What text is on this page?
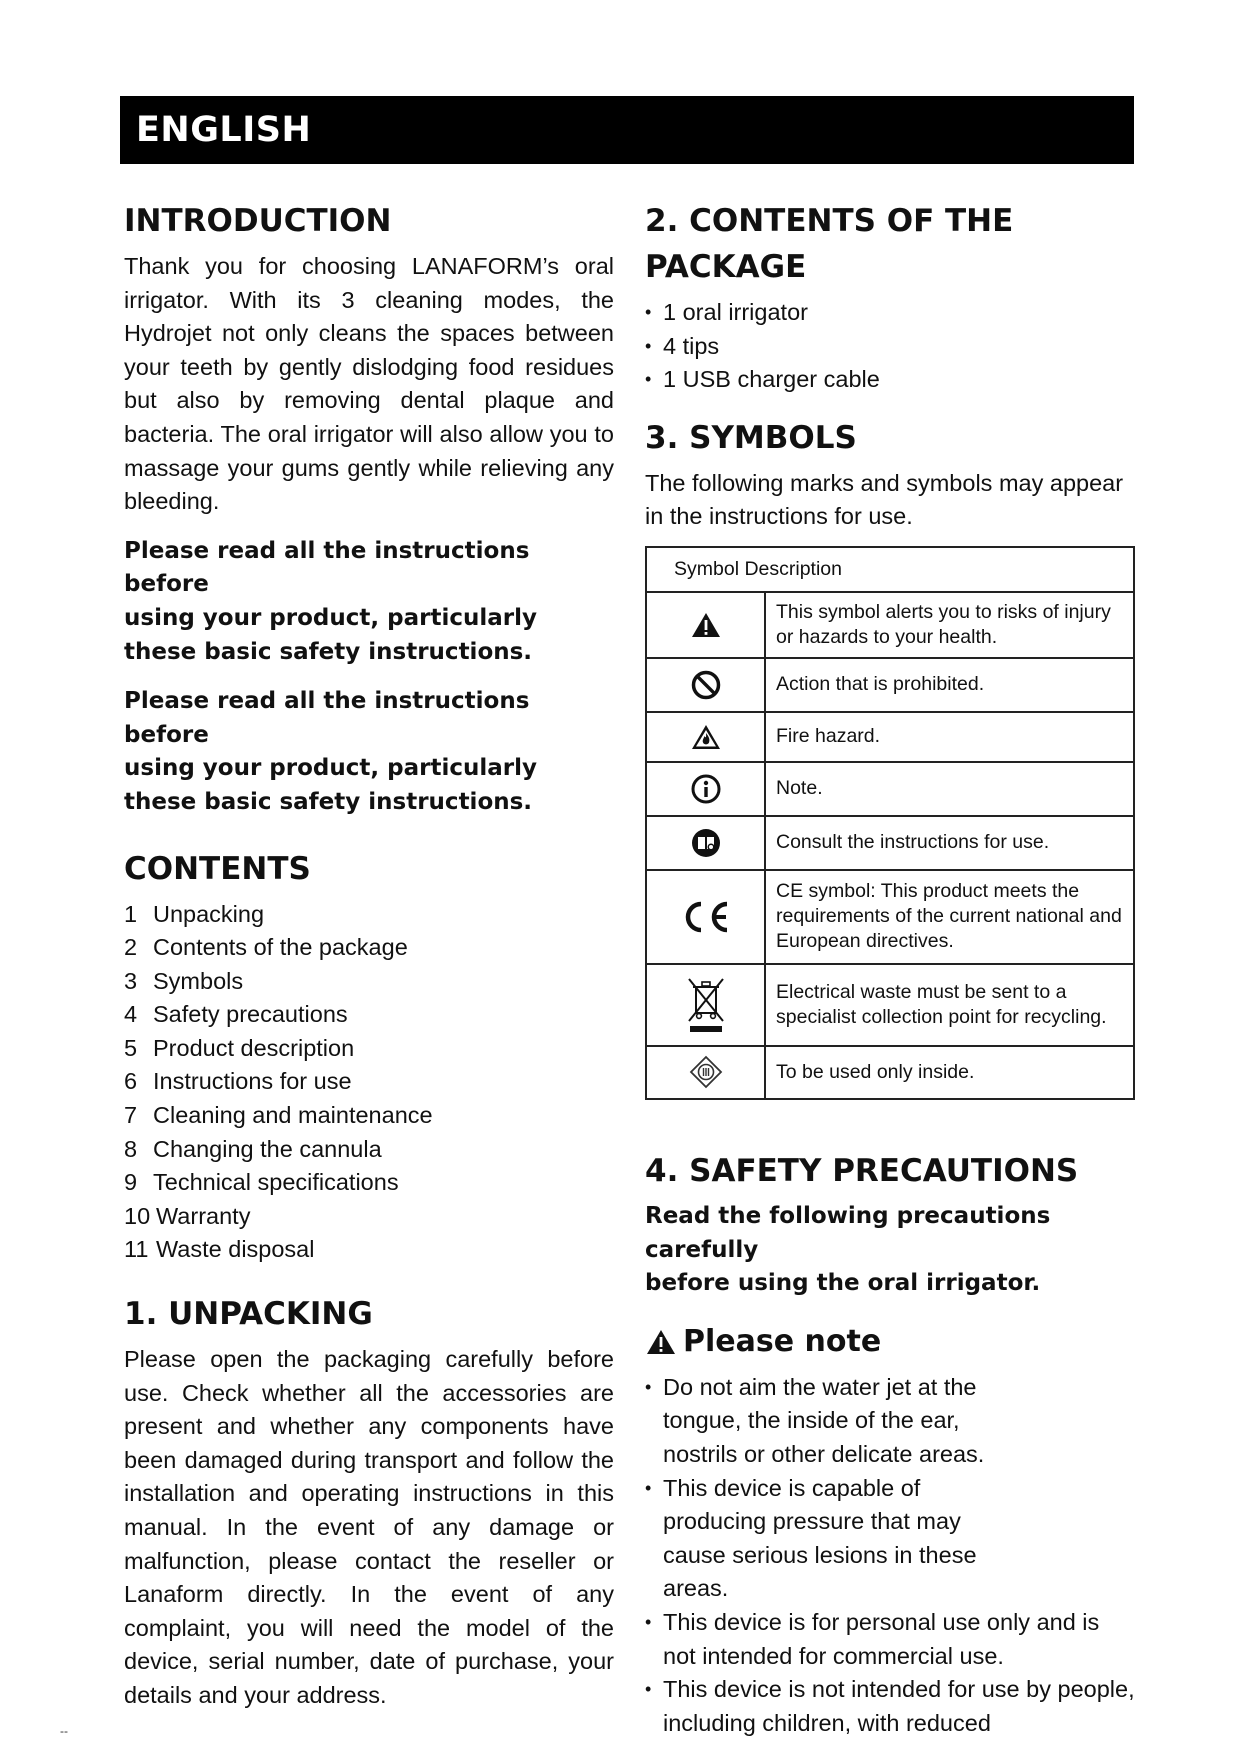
ENGLISH
INTRODUCTION

Thank you for choosing LANAFORM’s oral irrigator. With its 3 cleaning modes, the Hydrojet not only cleans the spaces between your teeth by gently dislodging food residues but also by removing dental plaque and bacteria. The oral irrigator will also allow you to massage your gums gently while relieving any bleeding.

Please read all the instructions before

using your product, particularly

these basic safety instructions.

Please read all the instructions before

using your product, particularly

these basic safety instructions.

CONTENTS
1 Unpacking
2 Contents of the package
3 Symbols
4 Safety precautions
5 Product description
6 Instructions for use
7 Cleaning and maintenance
8 Changing the cannula
9 Technical specifications
10 Warranty
11 Waste disposal
1. UNPACKING

Please open the packaging carefully before use. Check whether all the accessories are present and whether any components have been damaged during transport and follow the installation and operating instructions in this manual. In the event of any damage or malfunction, please contact the reseller or Lanaform directly. In the event of any complaint, you will need the model of the device, serial number, date of purchase, your details and your address.

2. CONTENTS OF THE PACKAGE
• 1 oral irrigator
• 4 tips
• 1 USB charger cable
3. SYMBOLS

The following marks and symbols may appear in the instructions for use.

Symbol Description	
	This symbol alerts you to risks of injury or hazards to your health.
	Action that is prohibited.
	Fire hazard.
	Note.
	Consult the instructions for use.
	CE symbol: This product meets the requirements of the current national and European directives.
	Electrical waste must be sent to a specialist collection point for recycling.
	To be used only inside.
4. SAFETY PRECAUTIONS

Read the following precautions carefully

before using the oral irrigator.

Please note
• Do not aim the water jet at the tongue, the inside of the ear, nostrils or other delicate areas.
• This device is capable of producing pressure that may cause serious lesions in these areas.
• This device is for personal use only and is not intended for commercial use.
• This device is not intended for use by people, including children, with reduced
--
